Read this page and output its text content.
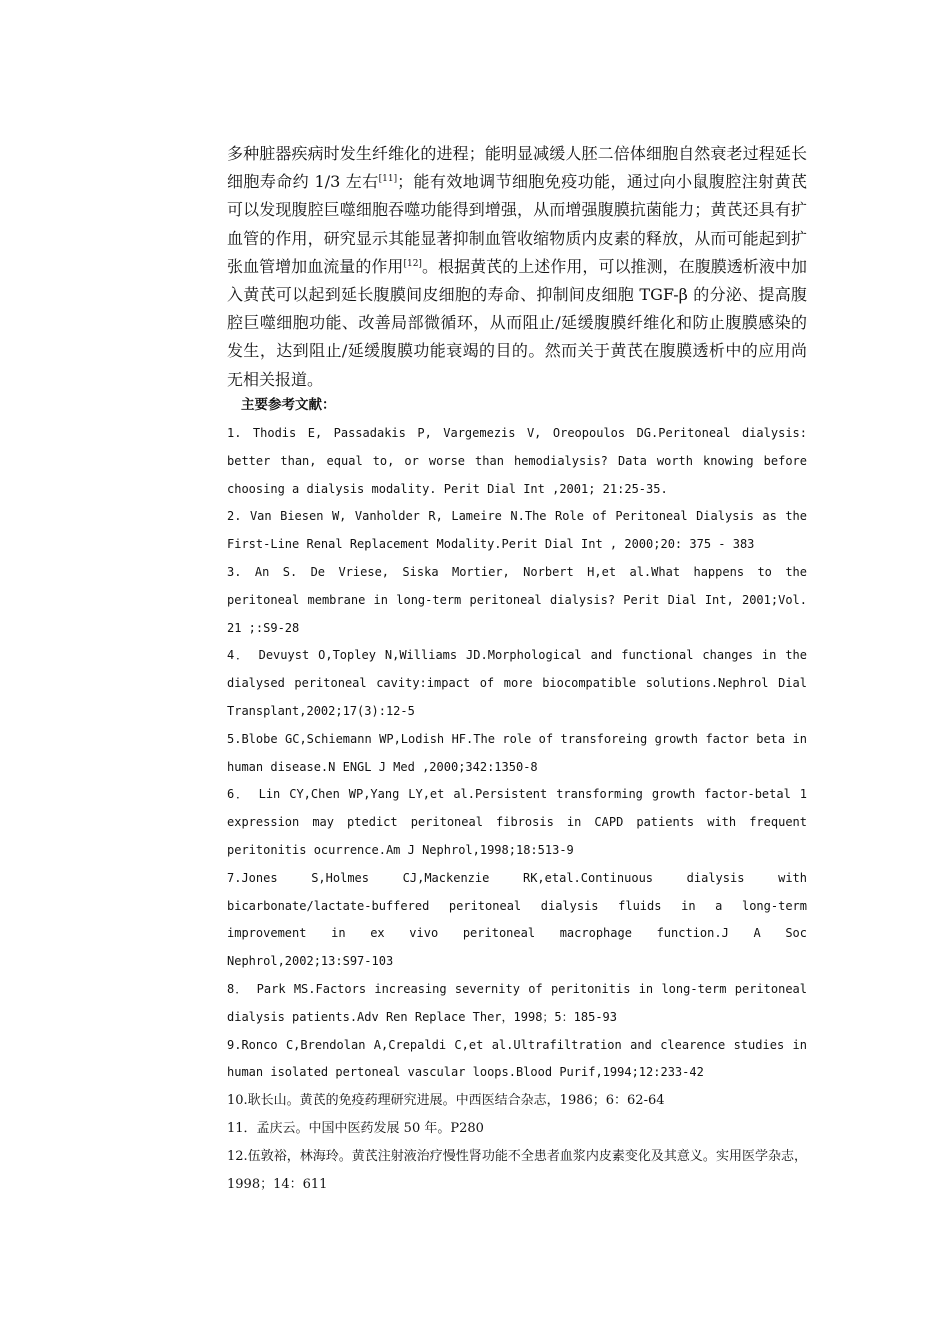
多种脏器疾病时发生纤维化的进程；能明显减缓人胚二倍体细胞自然衰老过程延长细胞寿命约 1/3 左右[11]；能有效地调节细胞免疫功能，通过向小鼠腹腔注射黄芪可以发现腹腔巨噬细胞吞噬功能得到增强，从而增强腹膜抗菌能力；黄芪还具有扩血管的作用，研究显示其能显著抑制血管收缩物质内皮素的释放，从而可能起到扩张血管增加血流量的作用[12]。根据黄芪的上述作用，可以推测，在腹膜透析液中加入黄芪可以起到延长腹膜间皮细胞的寿命、抑制间皮细胞 TGF-β 的分泌、提高腹腔巨噬细胞功能、改善局部微循环，从而阻止/延缓腹膜纤维化和防止腹膜感染的发生，达到阻止/延缓腹膜功能衰竭的目的。然而关于黄芪在腹膜透析中的应用尚无相关报道。

主要参考文献：

1. Thodis E, Passadakis P, Vargemezis V, Oreopoulos DG.Peritoneal dialysis: better than, equal to, or worse than hemodialysis? Data worth knowing before choosing a dialysis modality. Perit Dial Int ,2001; 21:25-35.
2. Van Biesen W, Vanholder R, Lameire N.The Role of Peritoneal Dialysis as the First-Line Renal Replacement Modality.Perit Dial Int , 2000;20: 375 - 383
3. An S. De Vriese, Siska Mortier, Norbert H,et al.What happens to the peritoneal membrane in long-term peritoneal dialysis? Perit Dial Int, 2001;Vol. 21 ;:S9-28
4． Devuyst O,Topley N,Williams JD.Morphological and functional changes in the dialysed peritoneal cavity:impact of more biocompatible solutions.Nephrol Dial Transplant,2002;17(3):12-5
5.Blobe GC,Schiemann WP,Lodish HF.The role of transforeing growth factor beta in human disease.N ENGL J Med ,2000;342:1350-8
6． Lin CY,Chen WP,Yang LY,et al.Persistent transforming growth factor-betal 1 expression may ptedict peritoneal fibrosis in CAPD patients with frequent peritonitis ocurrence.Am J Nephrol,1998;18:513-9
7.Jones S,Holmes CJ,Mackenzie RK,etal.Continuous dialysis with bicarbonate/lactate-buffered peritoneal dialysis fluids in a long-term improvement in ex vivo peritoneal macrophage function.J A Soc Nephrol,2002;13:S97-103
8． Park MS.Factors increasing severnity of peritonitis in long-term peritoneal dialysis patients.Adv Ren Replace Ther，1998；5：185-93
9.Ronco C,Brendolan A,Crepaldi C,et al.Ultrafiltration and clearence studies in human isolated pertoneal vascular loops.Blood Purif,1994;12:233-42
10.耿长山。黄芪的免疫药理研究进展。中西医结合杂志，1986；6：62-64
11．孟庆云。中国中医药发展 50 年。P280
12.伍敦裕，林海玲。黄芪注射液治疗慢性肾功能不全患者血浆内皮素变化及其意义。实用医学杂志，1998；14：611
